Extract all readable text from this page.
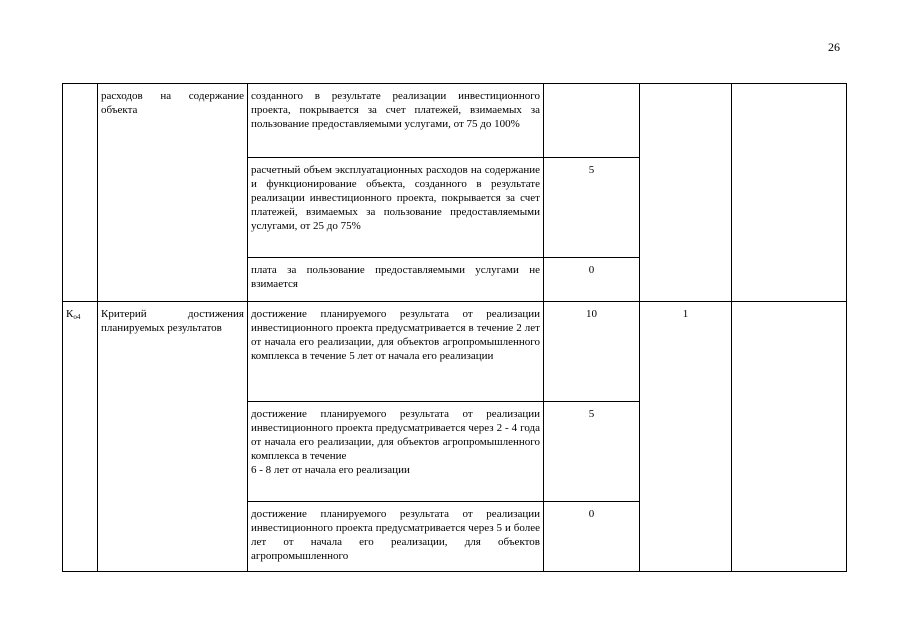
26
	расходов на содержание объекта	созданного в результате реализации инвестиционного проекта, покрывается за счет платежей, взимаемых за пользование предоставляемыми услугами, от 75 до 100%			
		расчетный объем эксплуатационных расходов на содержание и функционирование объекта, созданного в результате реализации инвестиционного проекта, покрывается за счет платежей, взимаемых за пользование предоставляемыми услугами, от 25 до 75%	5		
		плата за пользование предоставляемыми услугами не взимается	0		
Ко4	Критерий достижения планируемых результатов	достижение планируемого результата от реализации инвестиционного проекта предусматривается в течение 2 лет от начала его реализации, для объектов агропромышленного комплекса в течение 5 лет от начала его реализации	10	1	
		достижение планируемого результата от реализации инвестиционного проекта предусматривается через 2 - 4 года от начала его реализации, для объектов агропромышленного комплекса в течение
6 - 8 лет от начала его реализации	5		

		достижение планируемого результата от реализации инвестиционного проекта предусматривается через 5 и более лет от начала его реализации, для объектов агропромышленного	0		
